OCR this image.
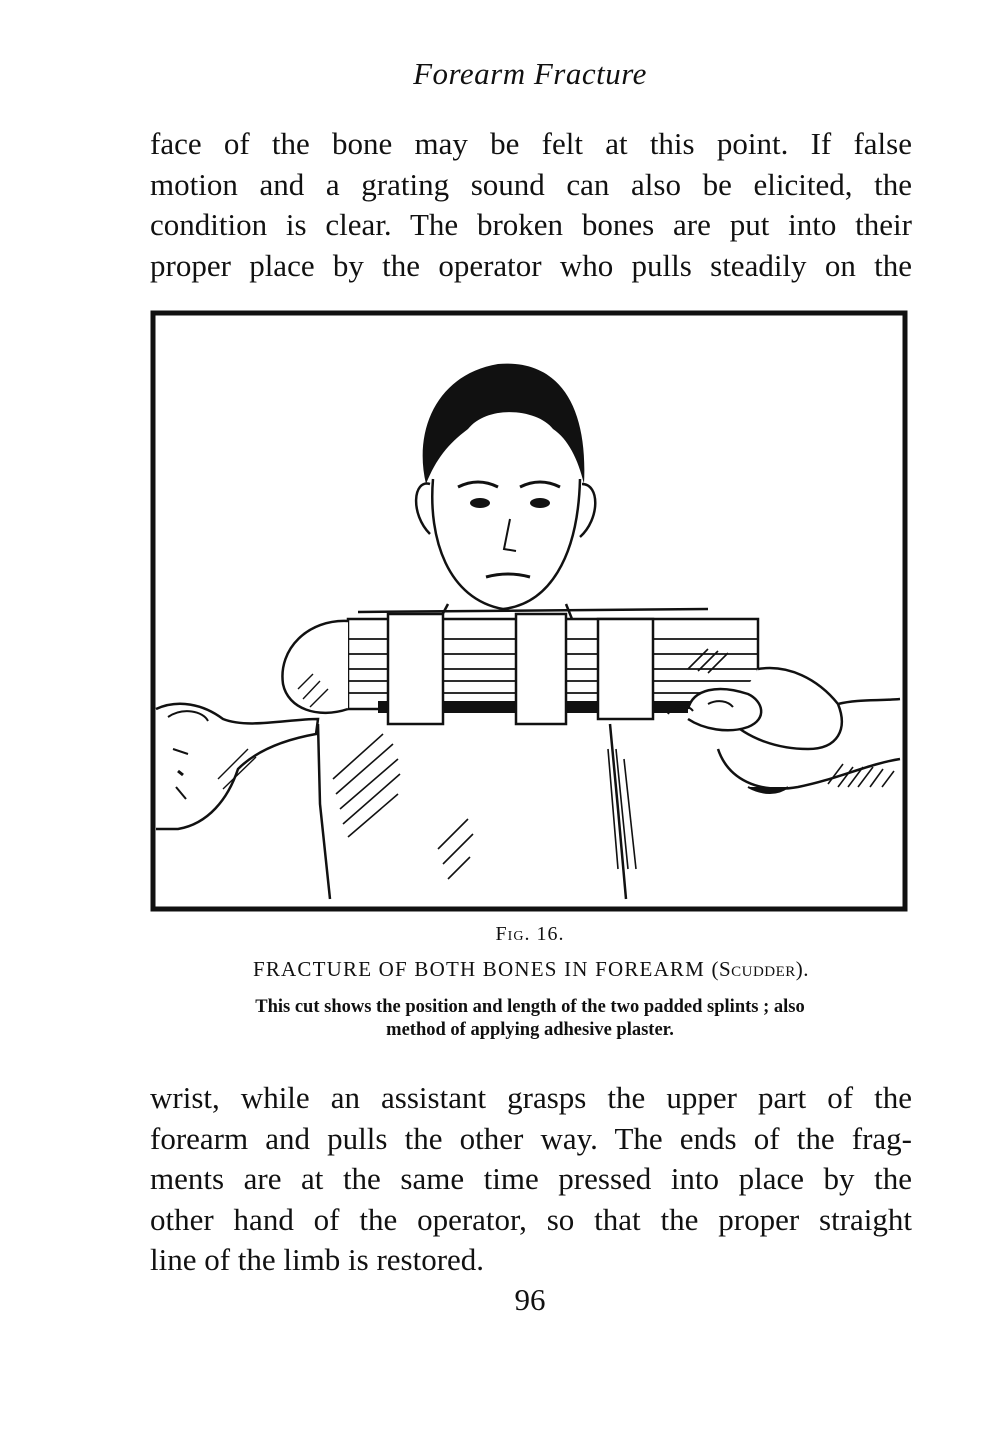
Forearm Fracture
face of the bone may be felt at this point. If false
motion and a grating sound can also be elicited, the
condition is clear. The broken bones are put into their
proper place by the operator who pulls steadily on the
Fig. 16.
FRACTURE OF BOTH BONES IN FOREARM (Scudder).
This cut shows the position and length of the two padded splints ; also
method of applying adhesive plaster.
wrist, while an assistant grasps the upper part of the
forearm and pulls the other way. The ends of the frag-
ments are at the same time pressed into place by the
other hand of the operator, so that the proper straight
line of the limb is restored.
96
